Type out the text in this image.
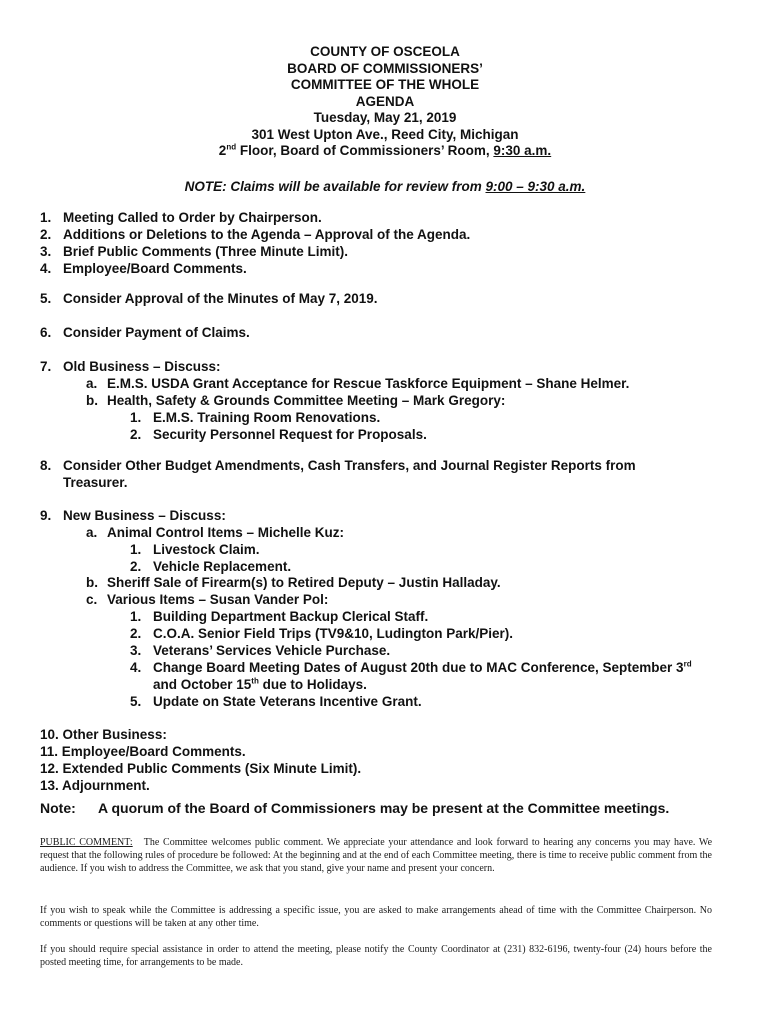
COUNTY OF OSCEOLA
BOARD OF COMMISSIONERS’
COMMITTEE OF THE WHOLE
AGENDA
Tuesday, May 21, 2019
301 West Upton Ave., Reed City, Michigan
2nd Floor, Board of Commissioners’ Room, 9:30 a.m.
NOTE: Claims will be available for review from 9:00 – 9:30 a.m.
1. Meeting Called to Order by Chairperson.
2. Additions or Deletions to the Agenda – Approval of the Agenda.
3. Brief Public Comments (Three Minute Limit).
4. Employee/Board Comments.
5. Consider Approval of the Minutes of May 7, 2019.
6. Consider Payment of Claims.
7. Old Business – Discuss:
a. E.M.S. USDA Grant Acceptance for Rescue Taskforce Equipment – Shane Helmer.
b. Health, Safety & Grounds Committee Meeting – Mark Gregory:
1. E.M.S. Training Room Renovations.
2. Security Personnel Request for Proposals.
8. Consider Other Budget Amendments, Cash Transfers, and Journal Register Reports from
Treasurer.
9. New Business – Discuss:
a. Animal Control Items – Michelle Kuz:
1. Livestock Claim.
2. Vehicle Replacement.
b. Sheriff Sale of Firearm(s) to Retired Deputy – Justin Halladay.
c. Various Items – Susan Vander Pol:
1. Building Department Backup Clerical Staff.
2. C.O.A. Senior Field Trips (TV9&10, Ludington Park/Pier).
3. Veterans’ Services Vehicle Purchase.
4. Change Board Meeting Dates of August 20th due to MAC Conference, September 3rd
and October 15th due to Holidays.
5. Update on State Veterans Incentive Grant.
10. Other Business:
11. Employee/Board Comments.
12. Extended Public Comments (Six Minute Limit).
13. Adjournment.
Note: A quorum of the Board of Commissioners may be present at the Committee meetings.
PUBLIC COMMENT: The Committee welcomes public comment. We appreciate your attendance and look forward to hearing any concerns you may have. We request that the following rules of procedure be followed: At the beginning and at the end of each Committee meeting, there is time to receive public comment from the audience. If you wish to address the Committee, we ask that you stand, give your name and present your concern.
If you wish to speak while the Committee is addressing a specific issue, you are asked to make arrangements ahead of time with the Committee Chairperson. No comments or questions will be taken at any other time.
If you should require special assistance in order to attend the meeting, please notify the County Coordinator at (231) 832-6196, twenty-four (24) hours before the posted meeting time, for arrangements to be made.
